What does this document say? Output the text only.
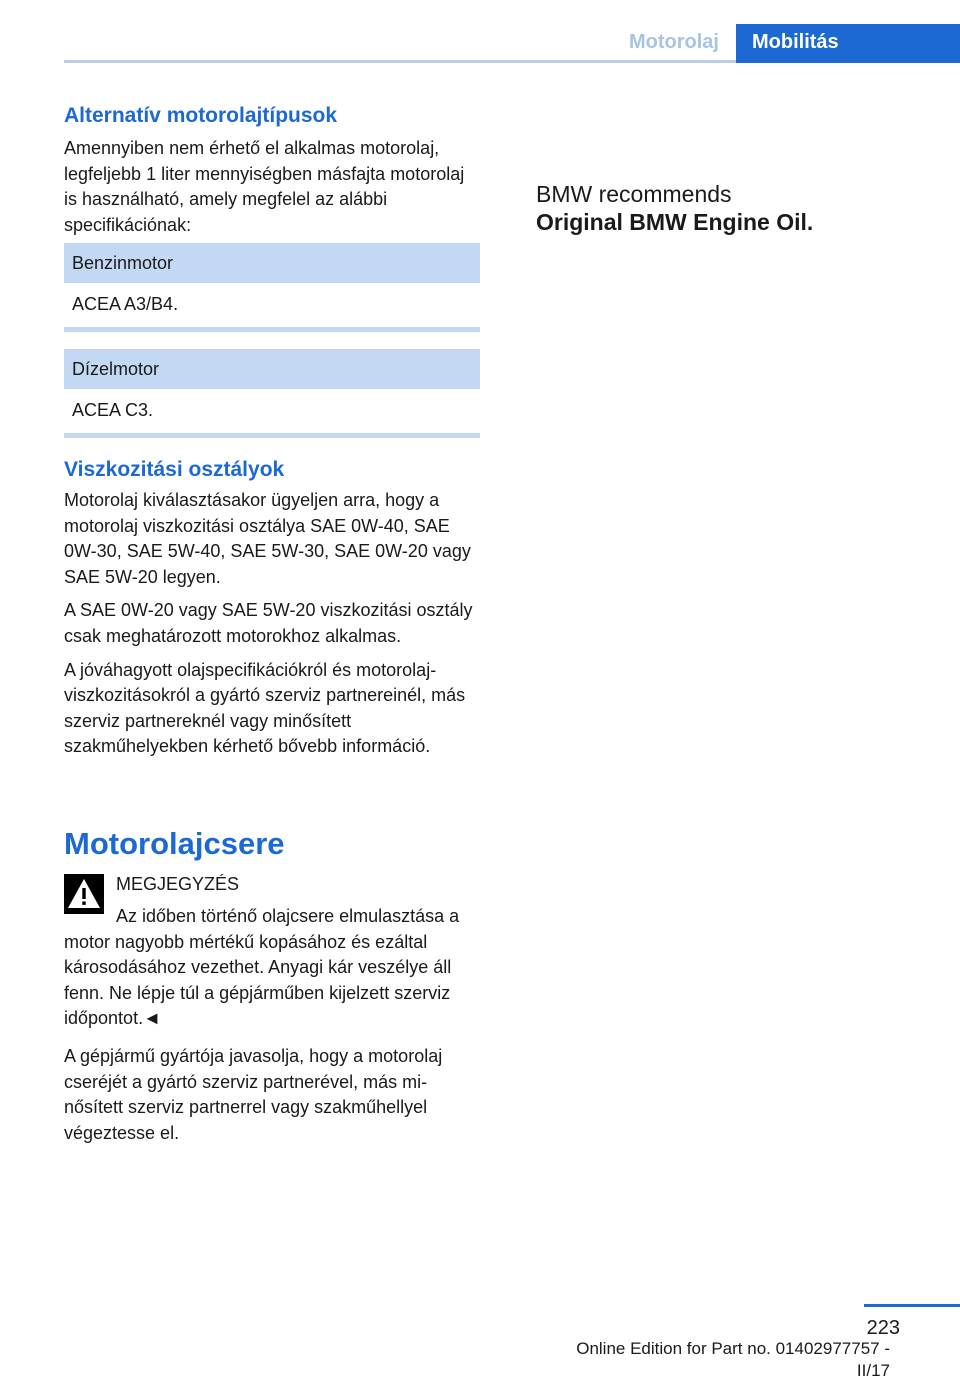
Motorolaj	Mobilitás
Alternatív motorolajtípusok

Amennyiben nem érhető el alkalmas motorolaj, legfeljebb 1 liter mennyiségben másfajta motorolaj is használható, amely megfelel az alábbi specifikációnak:

Benzinmotor
ACEA A3/B4.
Dízelmotor
ACEA C3.
Viszkozitási osztályok

Motorolaj kiválasztásakor ügyeljen arra, hogy a motorolaj viszkozitási osztálya SAE 0W-40, SAE 0W-30, SAE 5W-40, SAE 5W-30, SAE 0W-20 vagy SAE 5W-20 legyen.

A SAE 0W-20 vagy SAE 5W-20 viszkozitási osztály csak meghatározott motorokhoz alkalmas.

A jóváhagyott olajspecifikációkról és motorolaj-viszkozitásokról a gyártó szerviz partnereinél, más szerviz partnereknél vagy minősített szakműhelyekben kérhető bővebb információ.

Motorolajcsere

MEGJEGYZÉS

Az időben történő olajcsere elmulasztása a motor nagyobb mértékű kopásához és ezáltal károsodásához vezethet. Anyagi kár veszélye áll fenn. Ne lépje túl a gépjárműben kijelzett szerviz időpontot.◄

A gépjármű gyártója javasolja, hogy a motorolaj cseréjét a gyártó szerviz partnerével, más minősített szerviz partnerrel vagy szakműhellyel végeztesse el.

BMW recommends
Original BMW Engine Oil.
223
Online Edition for Part no. 01402977757 - II/17
